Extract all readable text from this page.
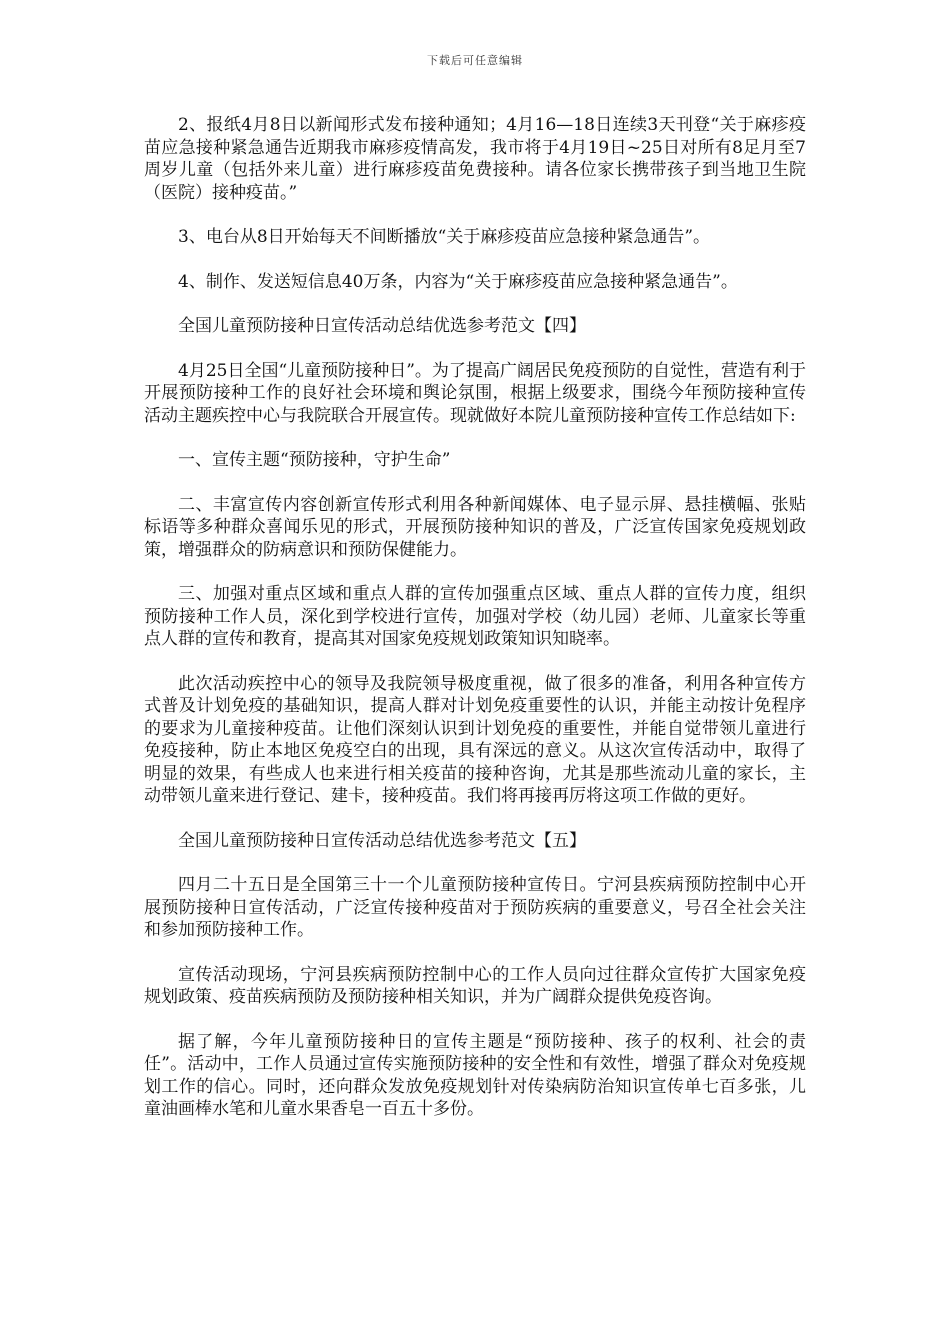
下载后可任意编辑

2、报纸4月8日以新闻形式发布接种通知；4月16—18日连续3天刊登“关于麻疹疫苗应急接种紧急通告近期我市麻疹疫情高发，我市将于4月19日~25日对所有8足月至7周岁儿童（包括外来儿童）进行麻疹疫苗免费接种。请各位家长携带孩子到当地卫生院（医院）接种疫苗。”

3、电台从8日开始每天不间断播放“关于麻疹疫苗应急接种紧急通告”。

4、制作、发送短信息40万条，内容为“关于麻疹疫苗应急接种紧急通告”。

全国儿童预防接种日宣传活动总结优选参考范文【四】

4月25日全国“儿童预防接种日”。为了提高广阔居民免疫预防的自觉性，营造有利于开展预防接种工作的良好社会环境和舆论氛围，根据上级要求，围绕今年预防接种宣传活动主题疾控中心与我院联合开展宣传。现就做好本院儿童预防接种宣传工作总结如下:

一、宣传主题“预防接种，守护生命”

二、丰富宣传内容创新宣传形式利用各种新闻媒体、电子显示屏、悬挂横幅、张贴标语等多种群众喜闻乐见的形式，开展预防接种知识的普及，广泛宣传国家免疫规划政策，增强群众的防病意识和预防保健能力。

三、加强对重点区域和重点人群的宣传加强重点区域、重点人群的宣传力度，组织预防接种工作人员，深化到学校进行宣传，加强对学校（幼儿园）老师、儿童家长等重点人群的宣传和教育，提高其对国家免疫规划政策知识知晓率。

此次活动疾控中心的领导及我院领导极度重视，做了很多的准备，利用各种宣传方式普及计划免疫的基础知识，提高人群对计划免疫重要性的认识，并能主动按计免程序的要求为儿童接种疫苗。让他们深刻认识到计划免疫的重要性，并能自觉带领儿童进行免疫接种，防止本地区免疫空白的出现，具有深远的意义。从这次宣传活动中，取得了明显的效果，有些成人也来进行相关疫苗的接种咨询，尤其是那些流动儿童的家长，主动带领儿童来进行登记、建卡，接种疫苗。我们将再接再厉将这项工作做的更好。

全国儿童预防接种日宣传活动总结优选参考范文【五】

四月二十五日是全国第三十一个儿童预防接种宣传日。宁河县疾病预防控制中心开展预防接种日宣传活动，广泛宣传接种疫苗对于预防疾病的重要意义，号召全社会关注和参加预防接种工作。

宣传活动现场，宁河县疾病预防控制中心的工作人员向过往群众宣传扩大国家免疫规划政策、疫苗疾病预防及预防接种相关知识，并为广阔群众提供免疫咨询。

据了解，今年儿童预防接种日的宣传主题是“预防接种、孩子的权利、社会的责任”。活动中，工作人员通过宣传实施预防接种的安全性和有效性，增强了群众对免疫规划工作的信心。同时，还向群众发放免疫规划针对传染病防治知识宣传单七百多张，儿童油画棒水笔和儿童水果香皂一百五十多份。
